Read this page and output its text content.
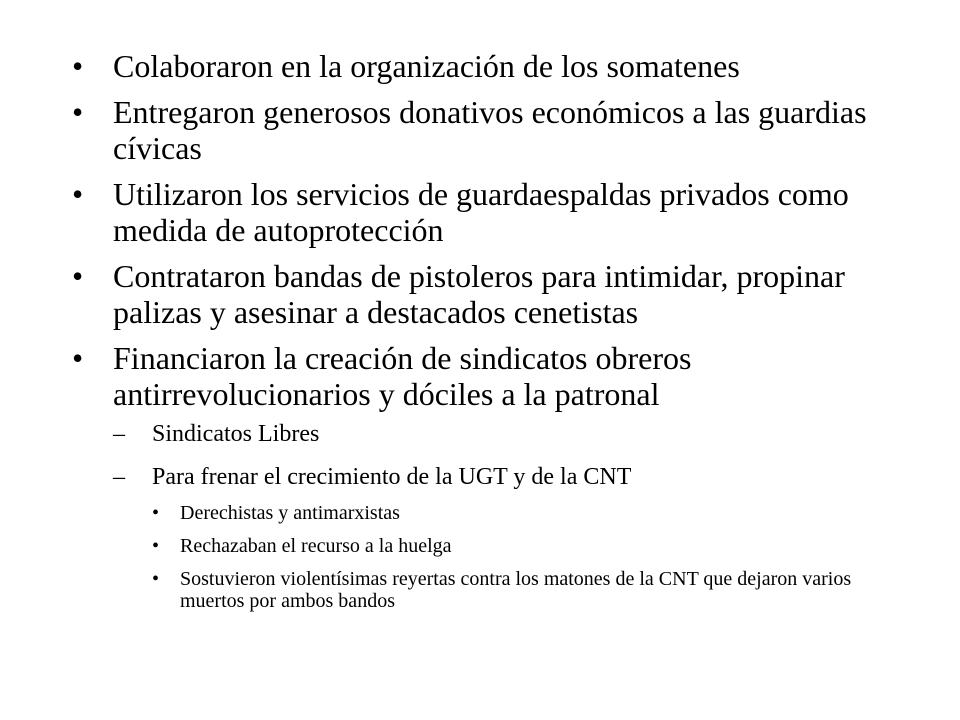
• Colaboraron en la organización de los somatenes
• Entregaron generosos donativos económicos a las guardias cívicas
• Utilizaron los servicios de guardaespaldas privados como medida de autoprotección
• Contrataron bandas de pistoleros para intimidar, propinar palizas y asesinar a destacados cenetistas
• Financiaron la creación de sindicatos obreros antirrevolucionarios y dóciles a la patronal
– Sindicatos Libres
– Para frenar el crecimiento de la UGT y de la CNT
• Derechistas y antimarxistas
• Rechazaban el recurso a la huelga
• Sostuvieron violentísimas reyertas contra los matones de la CNT que dejaron varios muertos por ambos bandos
